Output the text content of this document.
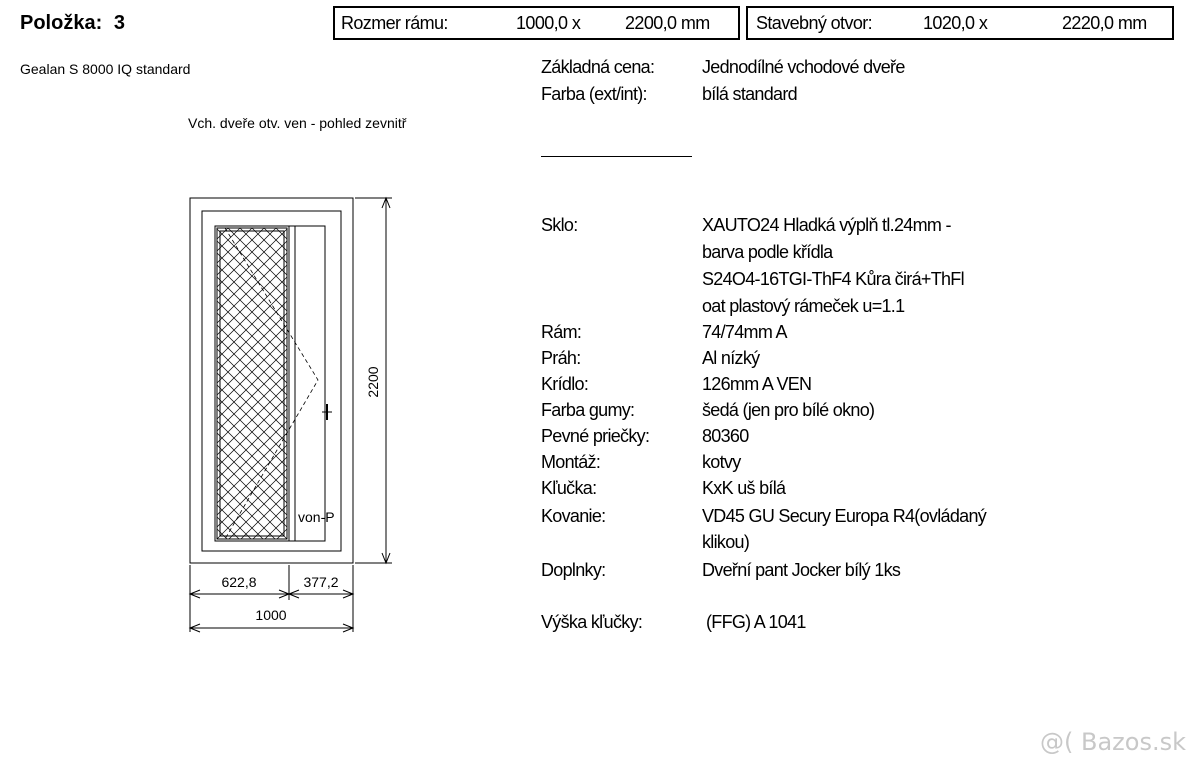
Položka: 3	Rozmer rámu:	1000,0 x 2200,0 mm	Stavebný otvor:	1020,0 x	2220,0 mm
Gealan S 8000 IQ standard
Vch. dveře otv. ven - pohled zevnitř
Základná cena:	Jednodílné vchodové dveře
Farba (ext/int):	bílá standard
Sklo:	XAUTO24 Hladká výplň tl.24mm -
barva podle křídla
S24O4-16TGI-ThF4 Kůra čirá+ThFl
oat plastový rámeček u=1.1
Rám:	74/74mm A
Práh:	Al nízký
Krídlo:	126mm A VEN
Farba gumy:	šedá (jen pro bílé okno)
Pevné priečky:	80360
Montáž:	kotvy
Kľučka:	KxK uš bílá
Kovanie:	VD45 GU Secury Europa R4(ovládaný
klikou)
Doplnky:	Dveřní pant Jocker bílý 1ks
Výška kľučky:	(FFG) A 1041
von-P
2200
622,8	377,2
1000
@( Bazos.sk
